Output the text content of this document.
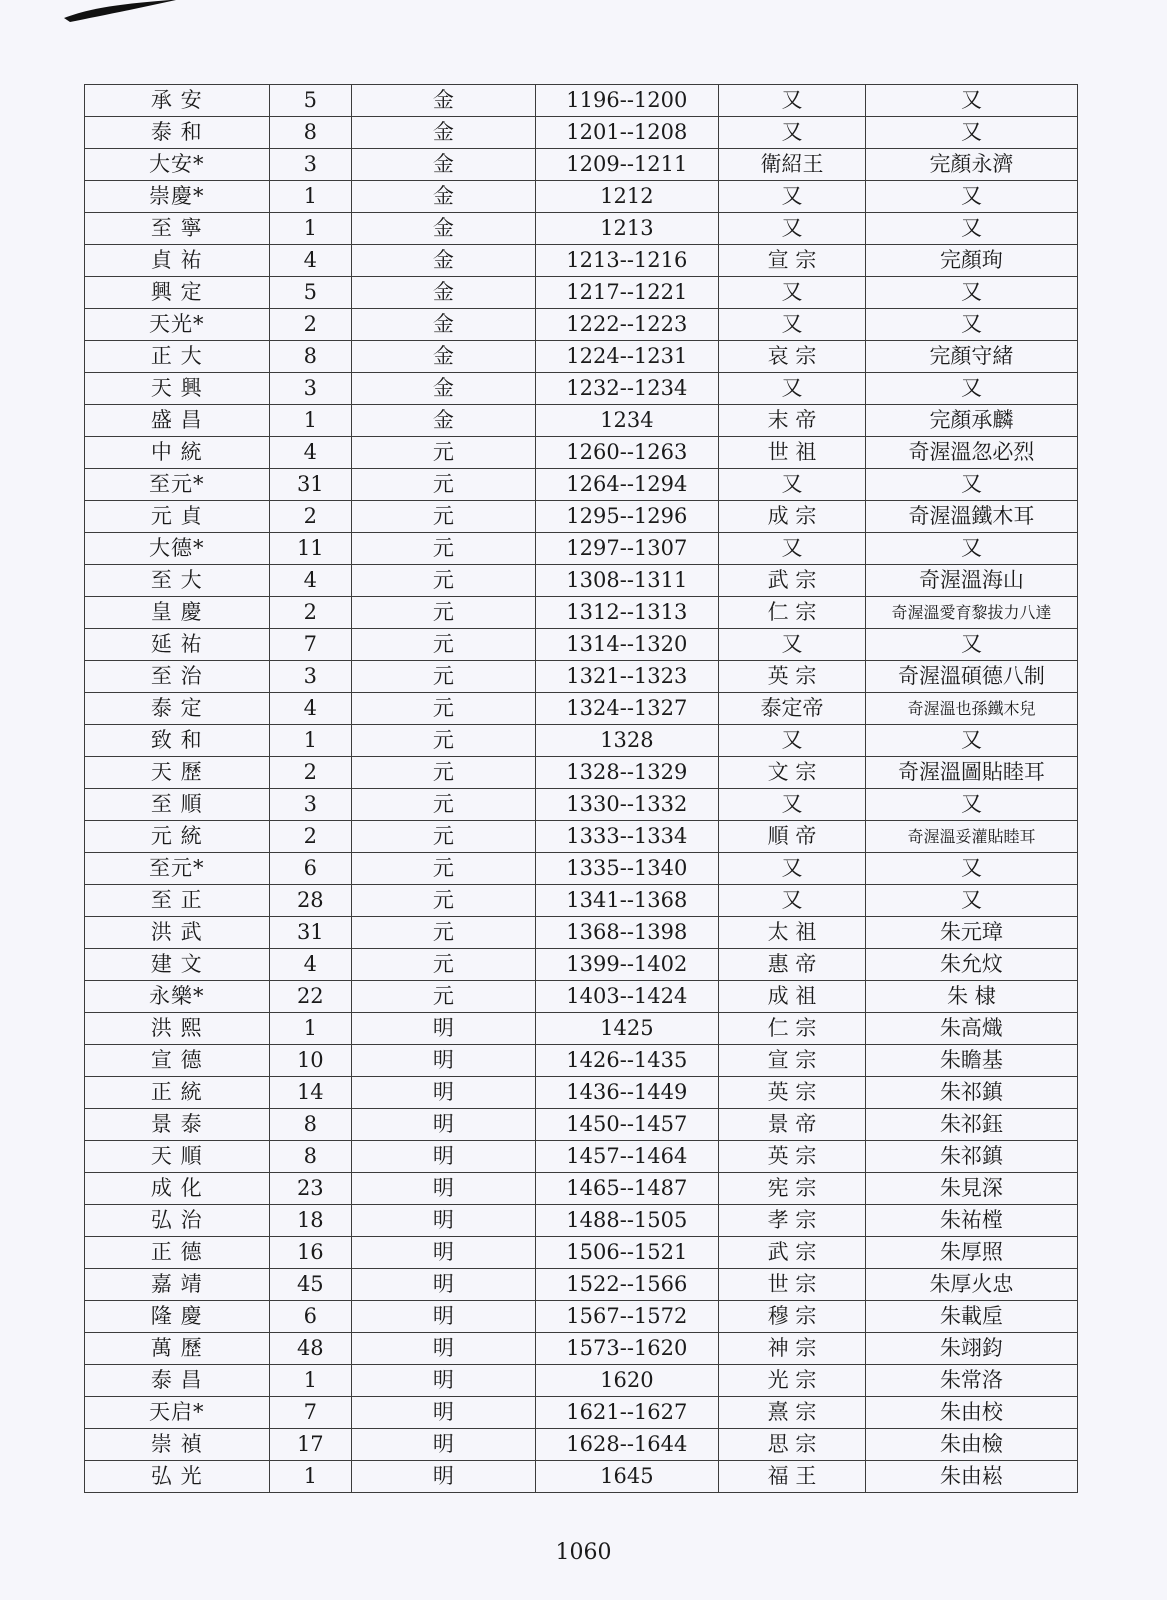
承 安	5	金	1196--1200	又	又
泰 和	8	金	1201--1208	又	又
大安*	3	金	1209--1211	衛紹王	完顏永濟
崇慶*	1	金	1212	又	又
至 寧	1	金	1213	又	又
貞 祐	4	金	1213--1216	宣 宗	完顏珣
興 定	5	金	1217--1221	又	又
天光*	2	金	1222--1223	又	又
正 大	8	金	1224--1231	哀 宗	完顏守緒
天 興	3	金	1232--1234	又	又
盛 昌	1	金	1234	末 帝	完顏承麟
中 統	4	元	1260--1263	世 祖	奇渥溫忽必烈
至元*	31	元	1264--1294	又	又
元 貞	2	元	1295--1296	成 宗	奇渥溫鐵木耳
大德*	11	元	1297--1307	又	又
至 大	4	元	1308--1311	武 宗	奇渥溫海山
皇 慶	2	元	1312--1313	仁 宗	奇渥溫愛育黎拔力八達
延 祐	7	元	1314--1320	又	又
至 治	3	元	1321--1323	英 宗	奇渥溫碩德八制
泰 定	4	元	1324--1327	泰定帝	奇渥溫也孫鐵木兒
致 和	1	元	1328	又	又
天 歷	2	元	1328--1329	文 宗	奇渥溫圖貼睦耳
至 順	3	元	1330--1332	又	又
元 統	2	元	1333--1334	順 帝	奇渥溫妥灌貼睦耳
至元*	6	元	1335--1340	又	又
至 正	28	元	1341--1368	又	又
洪 武	31	元	1368--1398	太 祖	朱元璋
建 文	4	元	1399--1402	惠 帝	朱允炆
永樂*	22	元	1403--1424	成 祖	朱 棣
洪 熙	1	明	1425	仁 宗	朱高熾
宣 德	10	明	1426--1435	宣 宗	朱瞻基
正 統	14	明	1436--1449	英 宗	朱祁鎮
景 泰	8	明	1450--1457	景 帝	朱祁鈺
天 順	8	明	1457--1464	英 宗	朱祁鎮
成 化	23	明	1465--1487	宪 宗	朱見深
弘 治	18	明	1488--1505	孝 宗	朱祐樘
正 德	16	明	1506--1521	武 宗	朱厚照
嘉 靖	45	明	1522--1566	世 宗	朱厚火忠
隆 慶	6	明	1567--1572	穆 宗	朱載垕
萬 歷	48	明	1573--1620	神 宗	朱翊鈞
泰 昌	1	明	1620	光 宗	朱常洛
天启*	7	明	1621--1627	熹 宗	朱由校
崇 禎	17	明	1628--1644	思 宗	朱由檢
弘 光	1	明	1645	福 王	朱由崧
1060
